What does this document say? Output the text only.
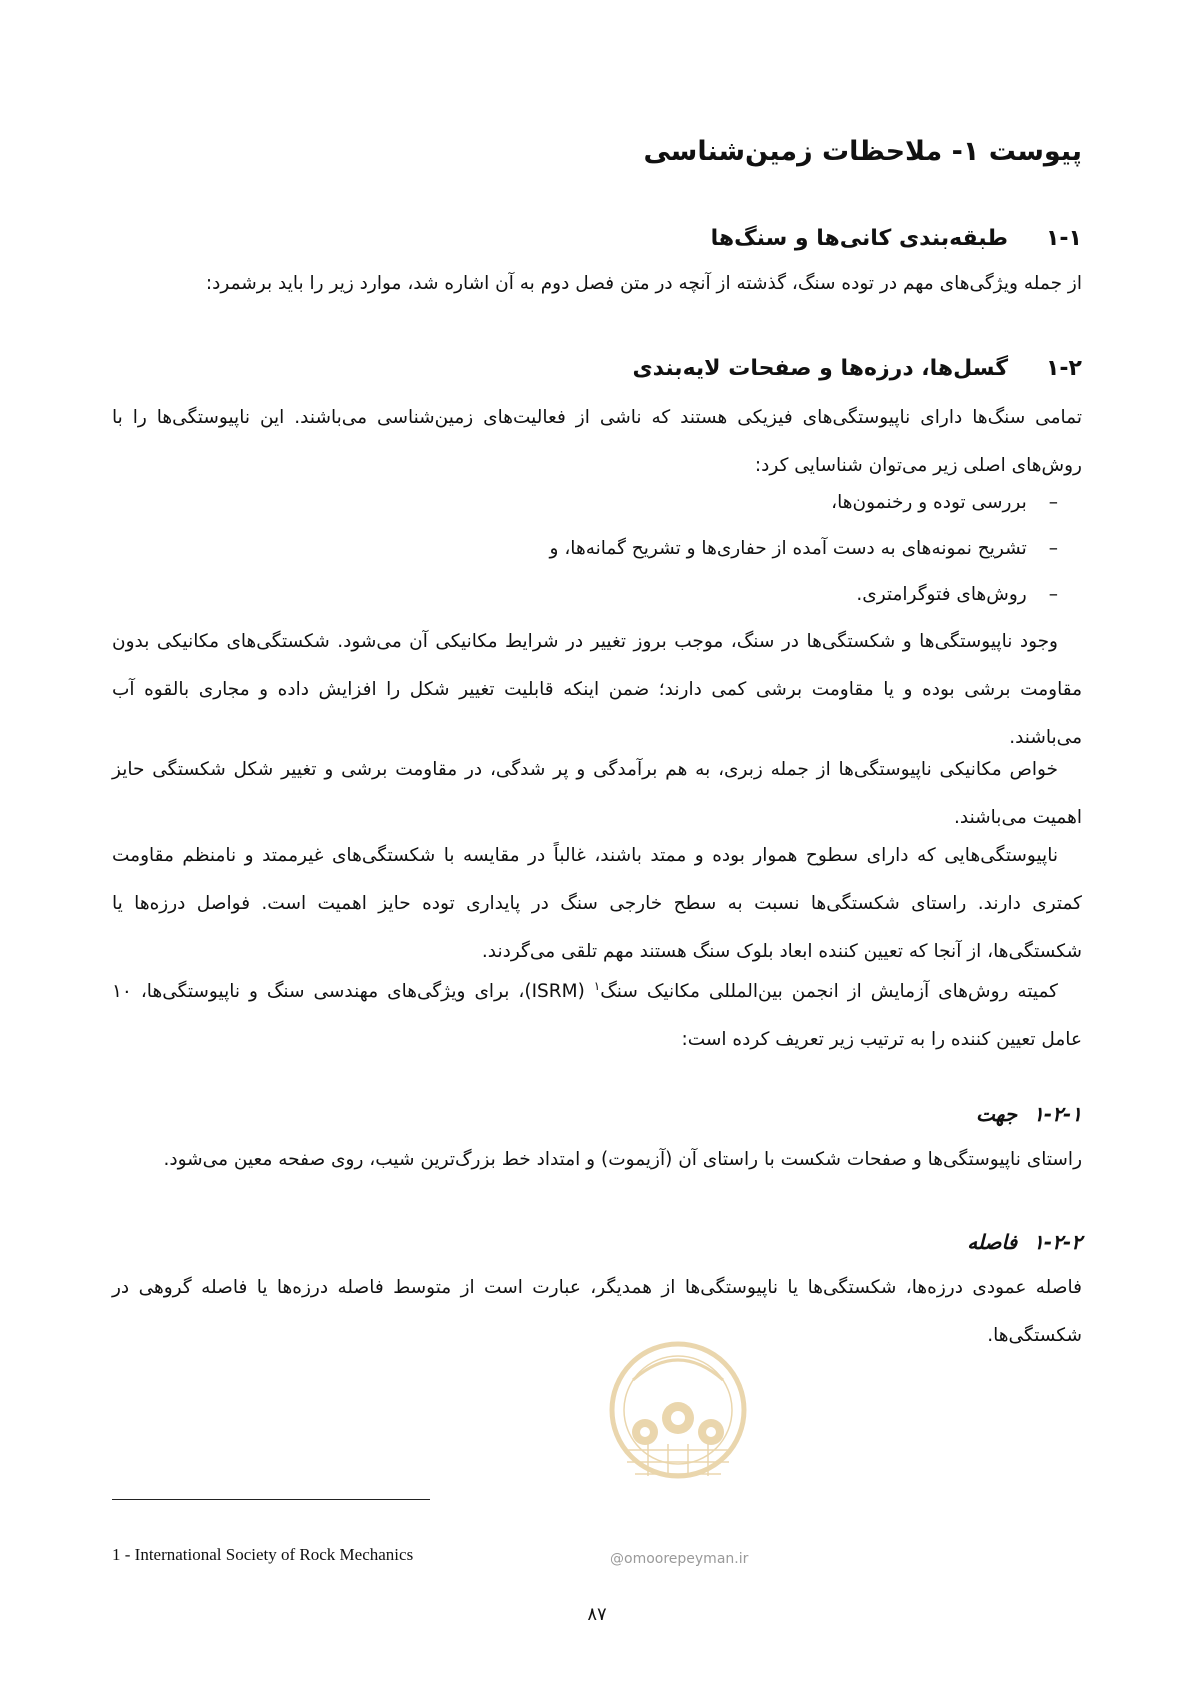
پیوست ۱- ملاحظات زمین‌شناسی
۱-۱
طبقه‌بندی کانی‌ها و سنگ‌ها
از جمله ویژگی‌های مهم در توده سنگ، گذشته از آنچه در متن فصل دوم به آن اشاره شد، موارد زیر را باید برشمرد:
۱-۲
گسل‌ها، درزه‌ها و صفحات لایه‌بندی
تمامی سنگ‌ها دارای ناپیوستگی‌های فیزیکی هستند که ناشی از فعالیت‌های زمین‌شناسی می‌باشند. این ناپیوستگی‌ها را با روش‌های اصلی زیر می‌توان شناسایی کرد:
–
بررسی توده و رخنمون‌ها،
–
تشریح نمونه‌های به دست آمده از حفاری‌ها و تشریح گمانه‌ها، و
–
روش‌های فتوگرامتری.
وجود ناپیوستگی‌ها و شکستگی‌ها در سنگ، موجب بروز تغییر در شرایط مکانیکی آن می‌شود. شکستگی‌های مکانیکی بدون مقاومت برشی بوده و یا مقاومت برشی کمی دارند؛ ضمن اینکه قابلیت تغییر شکل را افزایش داده و مجاری بالقوه آب می‌باشند.
خواص مکانیکی ناپیوستگی‌ها از جمله زبری، به هم برآمدگی و پر شدگی، در مقاومت برشی و تغییر شکل شکستگی حایز اهمیت می‌باشند.
ناپیوستگی‌هایی که دارای سطوح هموار بوده و ممتد باشند، غالباً در مقایسه با شکستگی‌های غیرممتد و نامنظم مقاومت کمتری دارند. راستای شکستگی‌ها نسبت به سطح خارجی سنگ در پایداری توده حایز اهمیت است. فواصل درزه‌ها یا شکستگی‌ها، از آنجا که تعیین کننده ابعاد بلوک سنگ هستند مهم تلقی می‌گردند.
کمیته روش‌های آزمایش از انجمن بین‌المللی مکانیک سنگ$^۱$ (ISRM)، برای ویژگی‌های مهندسی سنگ و ناپیوستگی‌ها، ۱۰ عامل تعیین کننده را به ترتیب زیر تعریف کرده است:
۱-۲-۱
جهت
راستای ناپیوستگی‌ها و صفحات شکست با راستای آن (آزیموت) و امتداد خط بزرگ‌ترین شیب، روی صفحه معین می‌شود.
۱-۲-۲
فاصله
فاصله عمودی درزه‌ها، شکستگی‌ها یا ناپیوستگی‌ها از همدیگر، عبارت است از متوسط فاصله درزه‌ها یا فاصله گروهی در شکستگی‌ها.
1 - International Society of Rock Mechanics	@omoorepeyman.ir
۸۷
